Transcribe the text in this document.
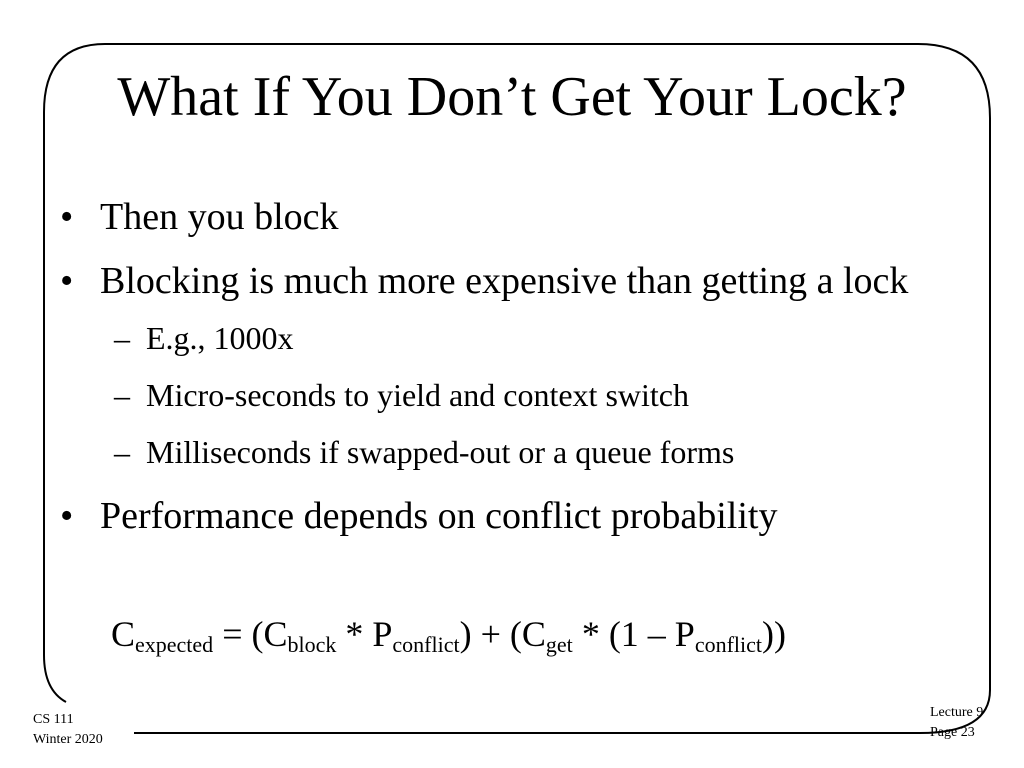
What If You Don’t Get Your Lock?
• Then you block
• Blocking is much more expensive than getting a lock
– E.g., 1000x
– Micro-seconds to yield and context switch
– Milliseconds if swapped-out or a queue forms
• Performance depends on conflict probability
$C_{expected} = (C_{block} * P_{conflict}) + (C_{get} * (1 - P_{conflict}))$
CS 111
Winter 2020
Lecture 9
Page 23
